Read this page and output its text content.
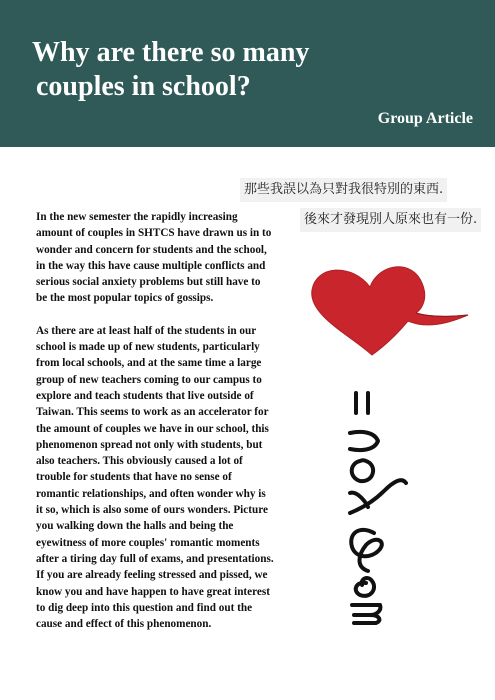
Why are there so many
couples in school?
Group Article
那些我誤以為只對我很特別的東西.
後來才發現別人原來也有一份.

In the new semester the rapidly increasing amount of couples in SHTCS have drawn us in to wonder and concern for students and the school, in the way this have cause multiple conflicts and serious social anxiety problems but still have to be the most popular topics of gossips.

As there are at least half of the students in our school is made up of new students, particularly from local schools, and at the same time a large group of new teachers coming to our campus to explore and teach students that live outside of Taiwan. This seems to work as an accelerator for the amount of couples we have in our school, this phenomenon spread not only with students, but also teachers. This obviously caused a lot of trouble for students that have no sense of romantic relationships, and often wonder why is it so, which is also some of ours wonders. Picture you walking down the halls and being the eyewitness of more couples' romantic moments after a tiring day full of exams, and presentations. If you are already feeling stressed and pissed, we know you and have happen to have great interest to dig deep into this question and find out the cause and effect of this phenomenon.

me & you =
